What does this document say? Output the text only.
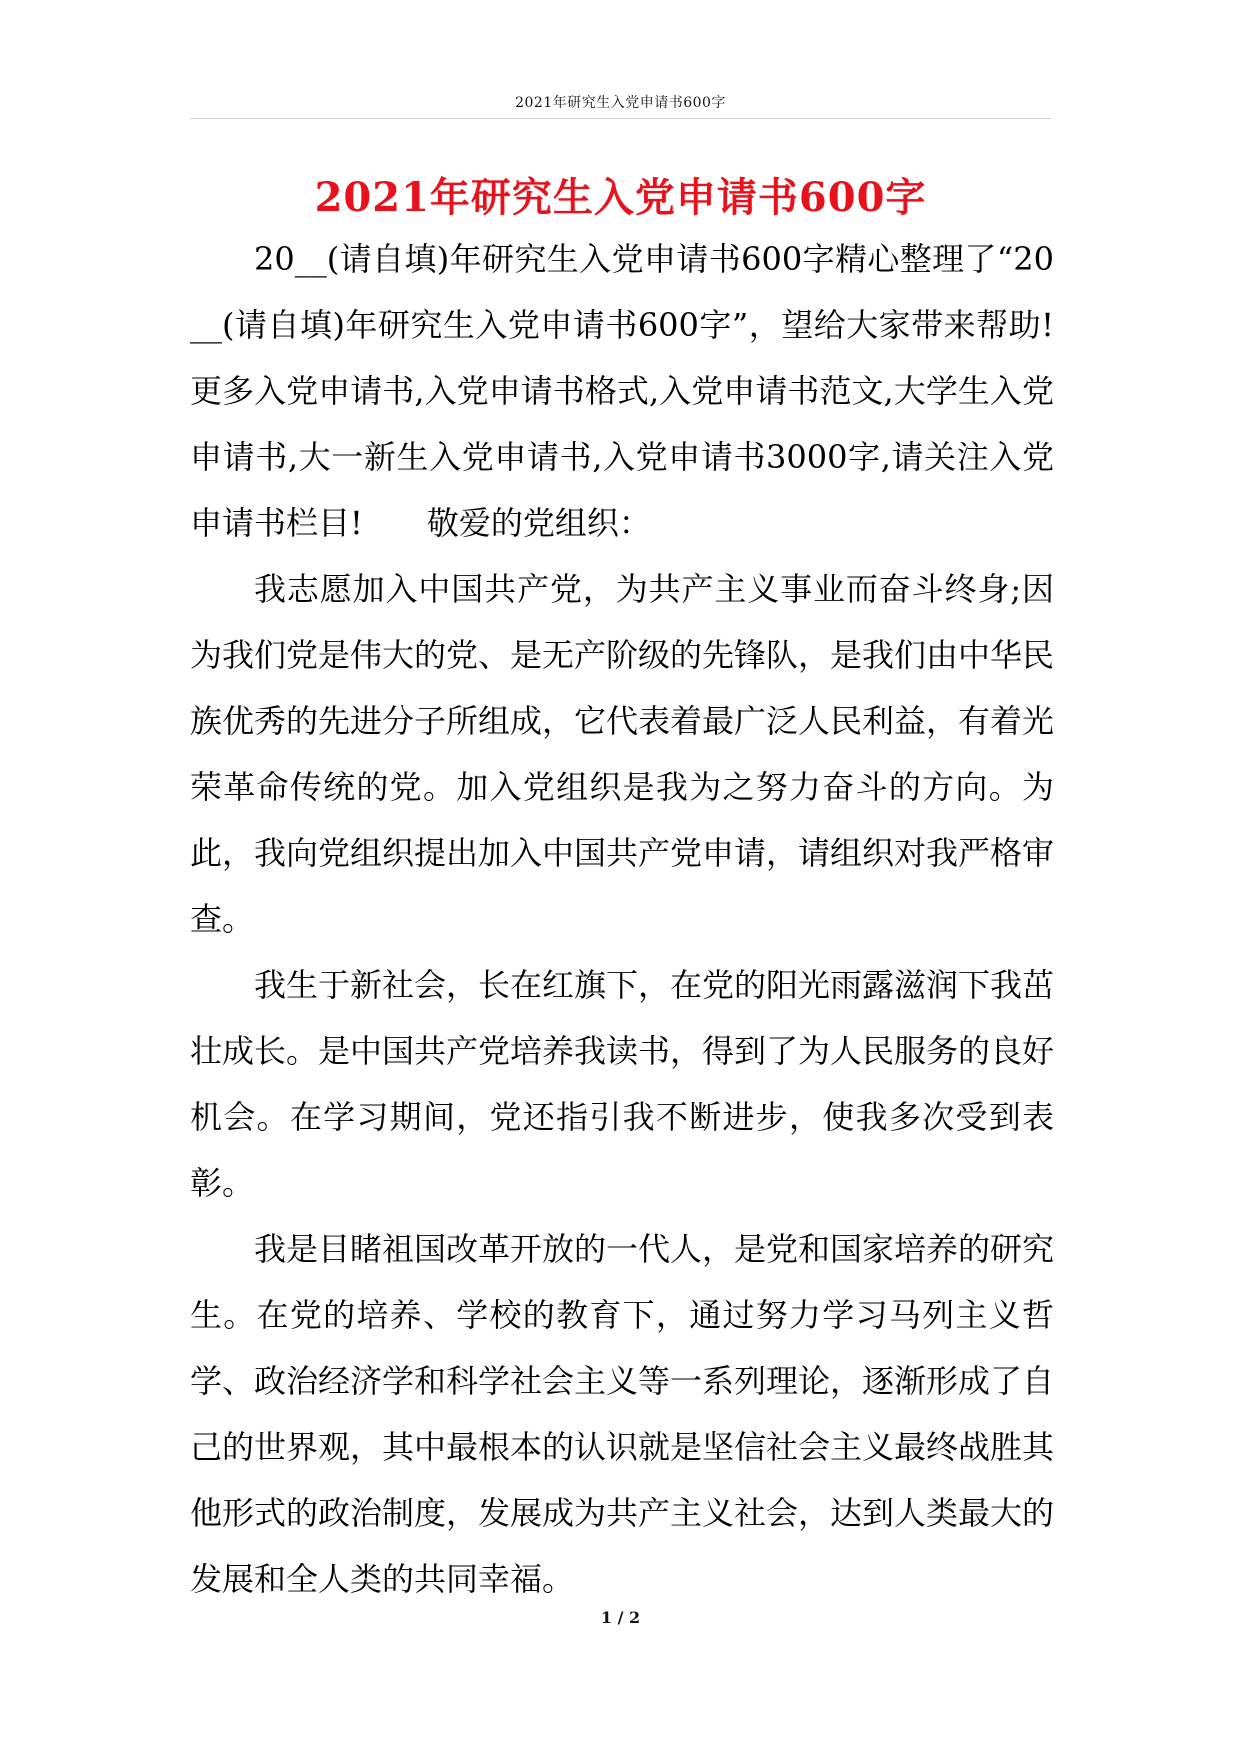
2021年研究生入党申请书600字
2021年研究生入党申请书600字

20__(请自填)年研究生入党申请书600字精心整理了“20__(请自填)年研究生入党申请书600字”，望给大家带来帮助!更多入党申请书,入党申请书格式,入党申请书范文,大学生入党申请书,大一新生入党申请书,入党申请书3000字,请关注入党申请书栏目!　　敬爱的党组织：

我志愿加入中国共产党，为共产主义事业而奋斗终身;因为我们党是伟大的党、是无产阶级的先锋队，是我们由中华民族优秀的先进分子所组成，它代表着最广泛人民利益，有着光荣革命传统的党。加入党组织是我为之努力奋斗的方向。为此，我向党组织提出加入中国共产党申请，请组织对我严格审查。

我生于新社会，长在红旗下，在党的阳光雨露滋润下我茁壮成长。是中国共产党培养我读书，得到了为人民服务的良好机会。在学习期间，党还指引我不断进步，使我多次受到表彰。

我是目睹祖国改革开放的一代人，是党和国家培养的研究生。在党的培养、学校的教育下，通过努力学习马列主义哲学、政治经济学和科学社会主义等一系列理论，逐渐形成了自己的世界观，其中最根本的认识就是坚信社会主义最终战胜其他形式的政治制度，发展成为共产主义社会，达到人类最大的发展和全人类的共同幸福。

1 / 2
